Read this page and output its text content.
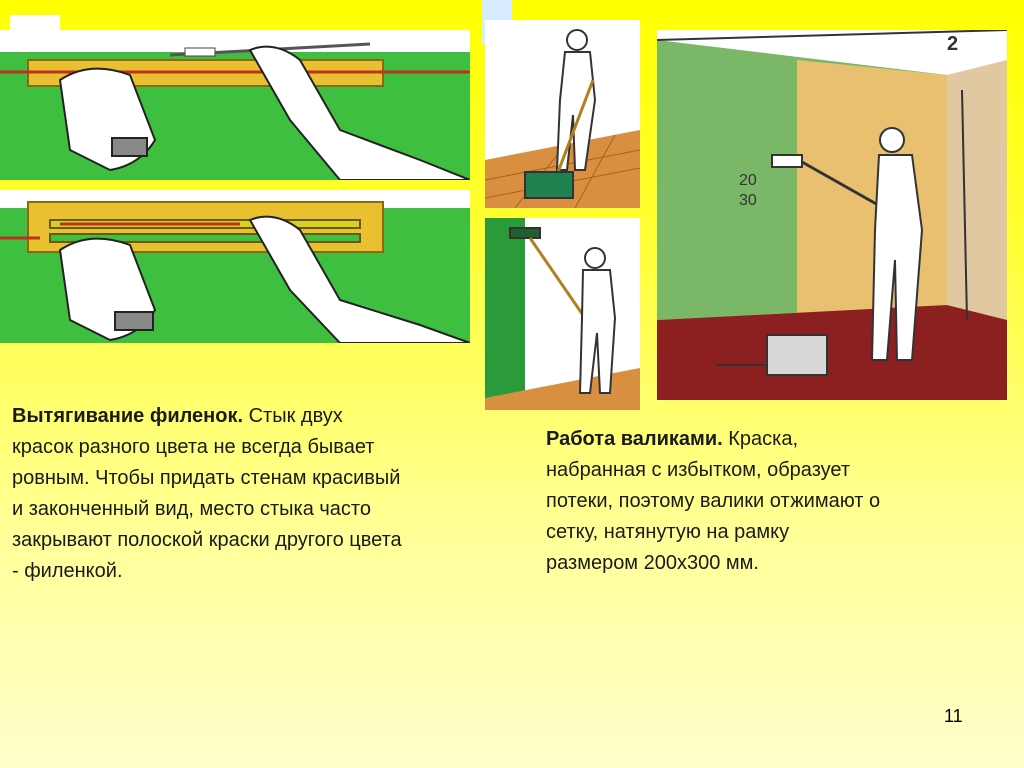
2
20
30
Вытягивание филенок. Стык двух
красок разного цвета не всегда бывает
ровным. Чтобы придать стенам красивый
и законченный вид, место стыка часто
закрывают полоской краски другого цвета
- филенкой.
Работа валиками. Краска,
набранная с избытком, образует
потеки, поэтому валики отжимают о
сетку, натянутую на рамку
размером 200х300 мм.
11
